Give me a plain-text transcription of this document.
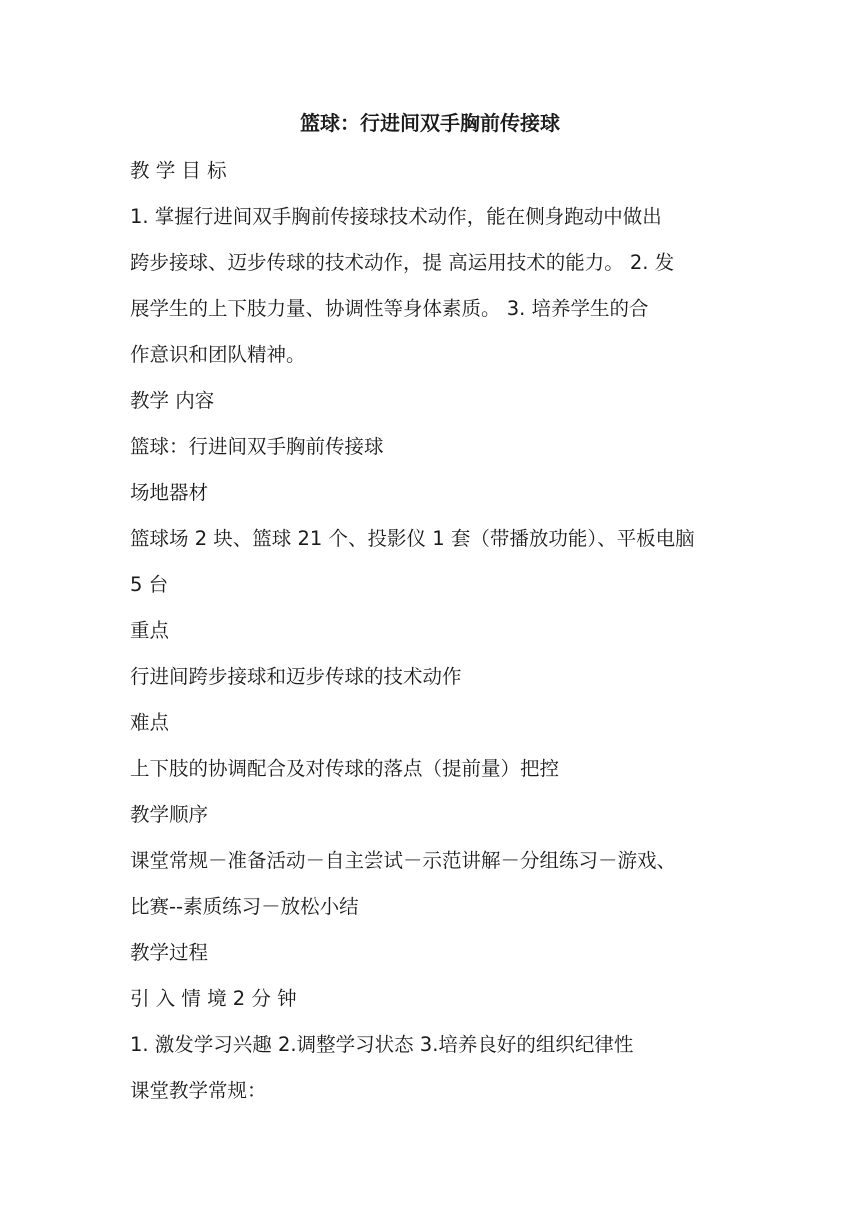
篮球：行进间双手胸前传接球

教 学 目 标

1. 掌握行进间双手胸前传接球技术动作，能在侧身跑动中做出
跨步接球、迈步传球的技术动作，提 高运用技术的能力。 2. 发
展学生的上下肢力量、协调性等身体素质。 3. 培养学生的合
作意识和团队精神。

教学 内容

篮球：行进间双手胸前传接球

场地器材

篮球场 2 块、篮球 21 个、投影仪 1 套（带播放功能）、平板电脑
5 台

重点

行进间跨步接球和迈步传球的技术动作

难点

上下肢的协调配合及对传球的落点（提前量）把控

教学顺序

课堂常规－准备活动－自主尝试－示范讲解－分组练习－游戏、
比赛--素质练习－放松小结

教学过程

引 入 情 境 2 分 钟

1. 激发学习兴趣 2.调整学习状态 3.培养良好的组织纪律性

课堂教学常规：
